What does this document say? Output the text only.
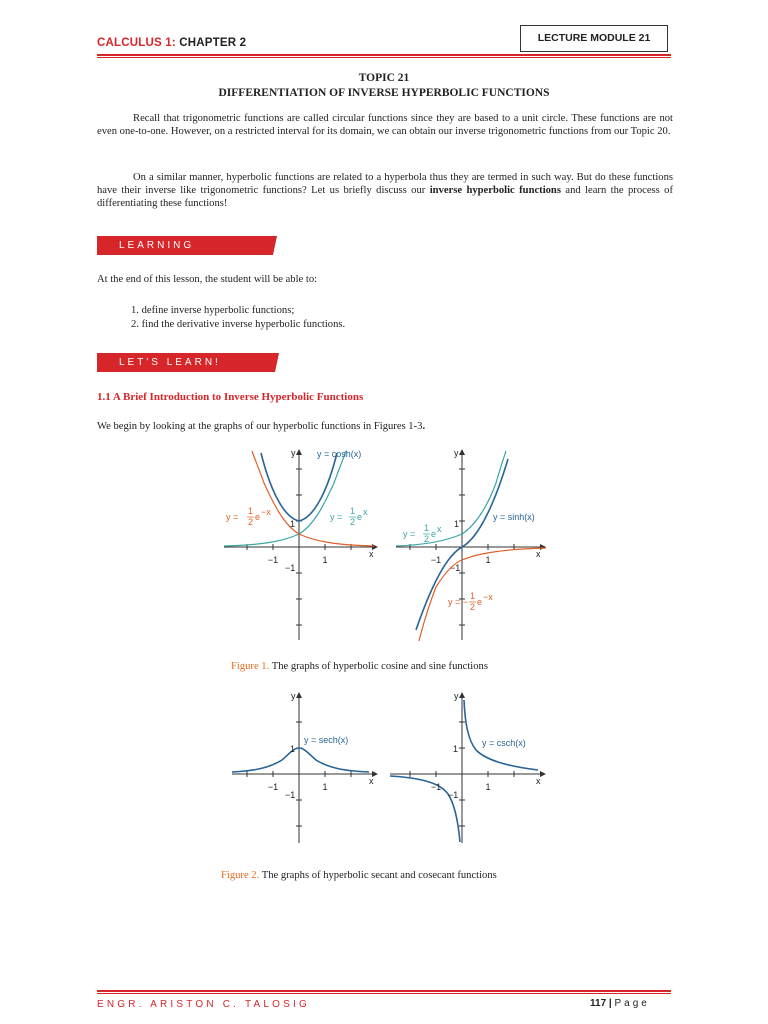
CALCULUS 1: CHAPTER 2	LECTURE MODULE 21
TOPIC 21
DIFFERENTIATION OF INVERSE HYPERBOLIC FUNCTIONS
Recall that trigonometric functions are called circular functions since they are based to a unit circle. These functions are not even one-to-one. However, on a restricted interval for its domain, we can obtain our inverse trigonometric functions from our Topic 20.
On a similar manner, hyperbolic functions are related to a hyperbola thus they are termed in such way. But do these functions have their inverse like trigonometric functions? Let us briefly discuss our inverse hyperbolic functions and learn the process of differentiating these functions!
LEARNING OBJECTIVES
At the end of this lesson, the student will be able to:
1. define inverse hyperbolic functions;
2. find the derivative inverse hyperbolic functions.
LET'S LEARN!
1.1 A Brief Introduction to Inverse Hyperbolic Functions
We begin by looking at the graphs of our hyperbolic functions in Figures 1-3.
y
x
y = cosh(x)
−1	1
−1
1
y =
1
2 e −x	y =
1
2 e x
y
x
y = sinh(x)
−1	1
−1
1
y =
1
2 e x
y = −
1
2 e −x
Figure 1. The graphs of hyperbolic cosine and sine functions
y
x
y = sech(x)
−1	1
−1
1
y
x
y = csch(x)
−1	1
−1
1
Figure 2. The graphs of hyperbolic secant and cosecant functions
ENGR. ARISTON C. TALOSIG	117 | Page
